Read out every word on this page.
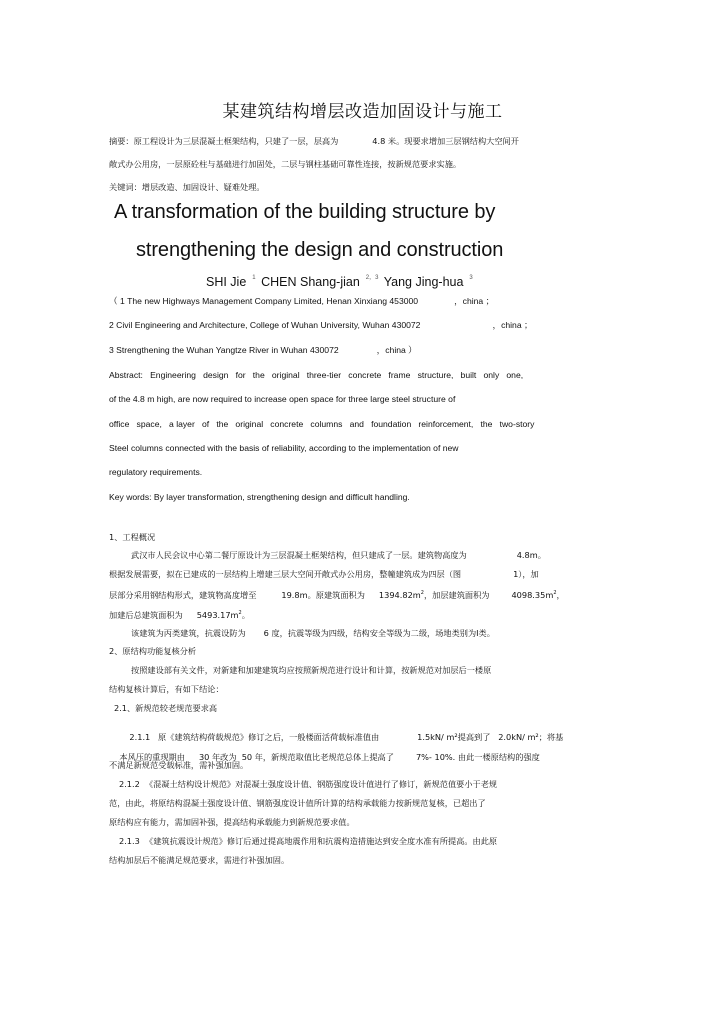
某建筑结构增层改造加固设计与施工
摘要：原工程设计为三层混凝土框架结构，只建了一层，层高为	4.8 米。现要求增加三层钢结构大空间开
敞式办公用房，一层原砼柱与基础进行加固处，二层与钢柱基础可靠性连接，按新规范要求实施。
关键词：增层改造、加固设计、疑难处理。
A transformation of the building structure by
strengthening the design and construction
SHI Jie $^1$ CHEN Shang-jian $^{2,3}$ Yang Jing-hua $^3$
（ 1 The new Highways Management Company Limited, Henan Xinxiang 453000	，china ；
2 Civil Engineering and Architecture, College of Wuhan University, Wuhan 430072	，china ；
3 Strengthening the Wuhan Yangtze River in Wuhan 430072	，china ）
Abstract:   Engineering   design   for   the   original   three-tier   concrete   frame   structure,   built   only   one,
of the 4.8 m high, are now required to increase open space for three large steel structure of
office   space,   a layer   of   the   original   concrete   columns   and   foundation   reinforcement,   the   two-story
Steel columns connected with the basis of reliability, according to the implementation of new
regulatory requirements.
Key words: By layer transformation, strengthening design and difficult handling.
1、工程概况
武汉市人民会议中心第二餐厅原设计为三层混凝土框架结构，但只建成了一层。建筑物高度为	4.8m。
根据发展需要，拟在已建成的一层结构上增建三层大空间开敞式办公用房，整幢建筑成为四层（图	1），加
层部分采用钢结构形式，建筑物高度增至	19.8m。原建筑面积为 $1394.82m^2$，加层建筑面积为	$4098.35m^2$，
加建后总建筑面积为 $5493.17m^2$。
该建筑为丙类建筑，抗震设防为 6 度，抗震等级为四级，结构安全等级为二级，场地类别为Ⅰ类。
2、原结构功能复核分析
按照建设部有关文件，对新建和加建建筑均应按照新规范进行设计和计算，按新规范对加层后一楼原
结构复核计算后，有如下结论：
2.1、新规范较老规范要求高

2.1.1   原《建筑结构荷载规范》修订之后，一般楼面活荷载标准值由	1.5kN/ m²提高到了   2.0kN/ m²；将基

本风压的重现期由 30 年改为  50 年，新规范取值比老规范总体上提高了	7%- 10%. 由此一楼原结构的强度

不满足新规范受载标准，需补强加固。
2.1.2  《混凝土结构设计规范》对混凝土强度设计值、钢筋强度设计值进行了修订，新规范值要小于老规
范，由此，将原结构混凝土强度设计值、钢筋强度设计值所计算的结构承载能力按新规范复核，已超出了
原结构应有能力，需加固补强，提高结构承载能力到新规范要求值。
2.1.3  《建筑抗震设计规范》修订后通过提高地震作用和抗震构造措施达到安全度水准有所提高。由此原
结构加层后不能满足规范要求，需进行补强加固。
